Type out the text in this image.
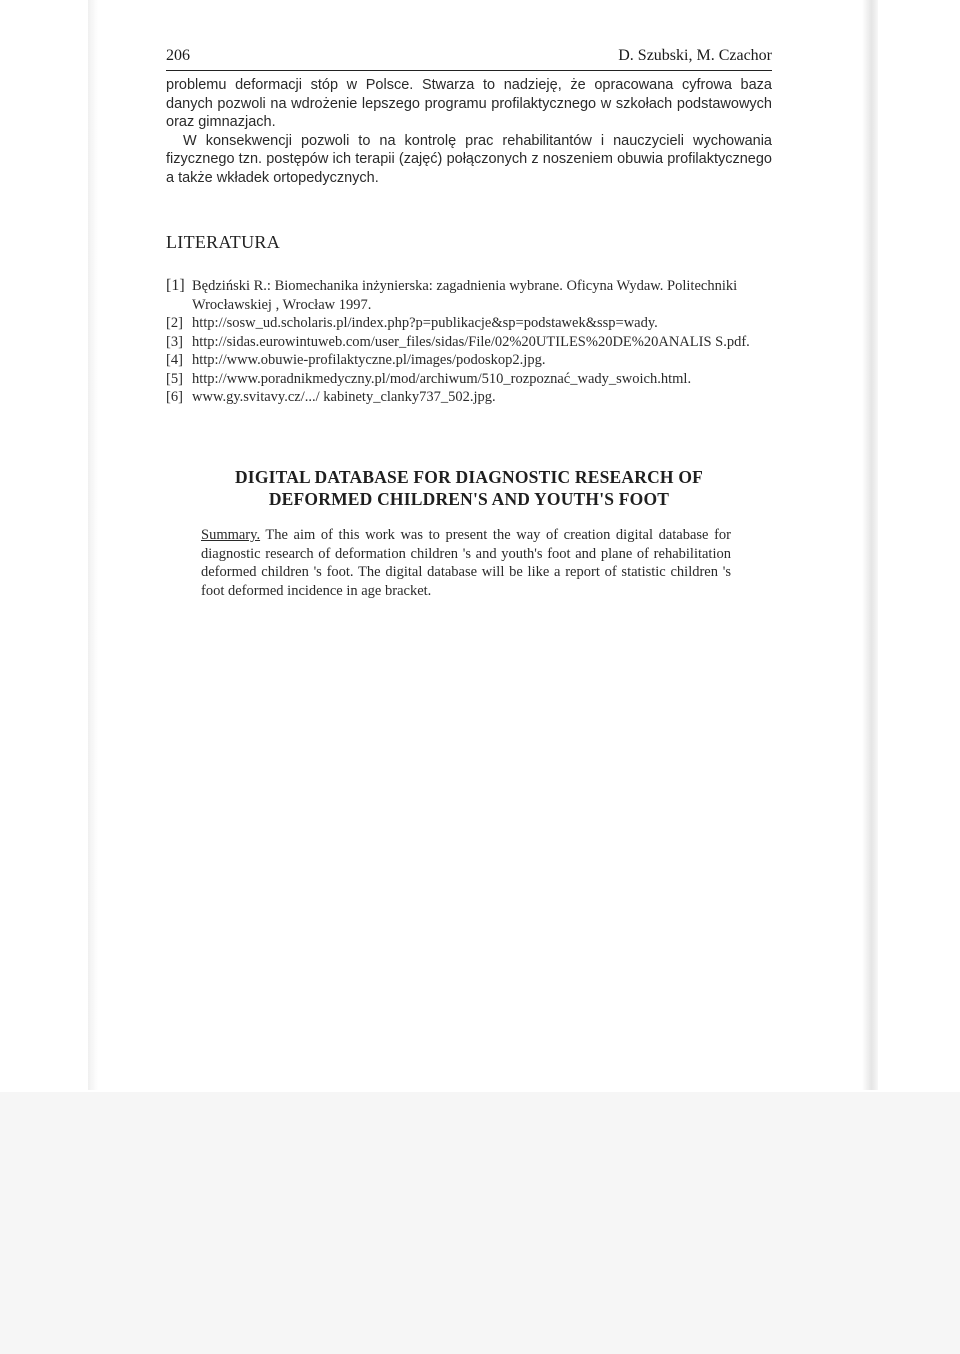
206	D. Szubski, M. Czachor

problemu deformacji stóp w Polsce. Stwarza to nadzieję, że opracowana cyfrowa baza danych pozwoli na wdrożenie lepszego programu profilaktycznego w szkołach podstawowych oraz gimnazjach.

W konsekwencji pozwoli to na kontrolę prac rehabilitantów i nauczycieli wychowania fizycznego tzn. postępów ich terapii (zajęć) połączonych z noszeniem obuwia profilaktycznego a także wkładek ortopedycznych.

LITERATURA
[1] Będziński R.: Biomechanika inżynierska: zagadnienia wybrane. Oficyna Wydaw. Politechniki Wrocławskiej , Wrocław 1997.
[2] http://sosw_ud.scholaris.pl/index.php?p=publikacje&sp=podstawek&ssp=wady.
[3] http://sidas.eurowintuweb.com/user_files/sidas/File/02%20UTILES%20DE%20ANALIS S.pdf.
[4] http://www.obuwie-profilaktyczne.pl/images/podoskop2.jpg.
[5] http://www.poradnikmedyczny.pl/mod/archiwum/510_rozpoznać_wady_swoich.html.
[6] www.gy.svitavy.cz/.../ kabinety_clanky737_502.jpg.
DIGITAL DATABASE FOR DIAGNOSTIC RESEARCH OF
DEFORMED CHILDREN'S AND YOUTH'S FOOT
Summary. The aim of this work was to present the way of creation digital database for diagnostic research of deformation children 's and youth's foot and plane of rehabilitation deformed children 's foot. The digital database will be like a report of statistic children 's foot deformed incidence in age bracket.
